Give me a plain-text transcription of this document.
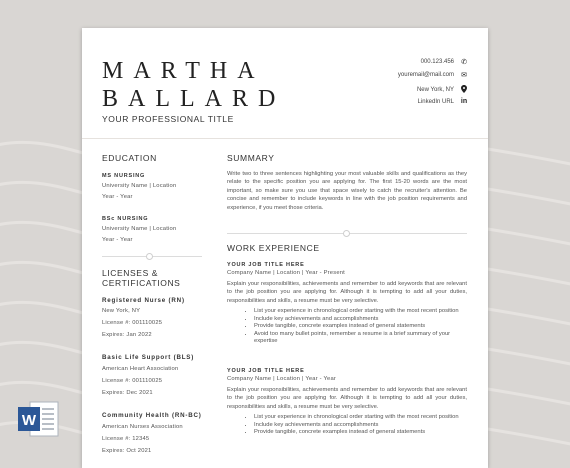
MARTHA
BALLARD
YOUR PROFESSIONAL TITLE
000.123.456 ✆
youremail@mail.com ✉
New York, NY
LinkedIn URL in
EDUCATION
MS NURSING
University Name | Location
Year - Year
BSc NURSING
University Name | Location
Year - Year
LICENSES &
CERTIFICATIONS
Registered Nurse (RN)
New York, NY
License #: 001110025
Expires: Jan 2022
Basic Life Support (BLS)
American Heart Association
License #: 001110025
Expires: Dec 2021
Community Health (RN-BC)
American Nurses Association
License #: 12345
Expires: Oct 2021
SUMMARY
Write two to three sentences highlighting your most valuable skills and qualifications as they relate to the specific position you are applying for. The first 15-20 words are the most important, so make sure you use that space wisely to catch the recruiter's attention. Be concise and remember to include keywords in line with the job position requirements and experience, if you meet those criteria.
WORK EXPERIENCE
YOUR JOB TITLE HERE
Company Name | Location | Year - Present
Explain your responsibilities, achievements and remember to add keywords that are relevant to the job position you are applying for. Although it is tempting to add all your duties, responsibilities and skills, a resume must be very selective.
• List your experience in chronological order starting with the most recent position
• Include key achievements and accomplishments
• Provide tangible, concrete examples instead of general statements
• Avoid too many bullet points, remember a resume is a brief summary of your expertise
YOUR JOB TITLE HERE
Company Name | Location | Year - Year
Explain your responsibilities, achievements and remember to add keywords that are relevant to the job position you are applying for. Although it is tempting to add all your duties, responsibilities and skills, a resume must be very selective.
• List your experience in chronological order starting with the most recent position
• Include key achievements and accomplishments
• Provide tangible, concrete examples instead of general statements
W
